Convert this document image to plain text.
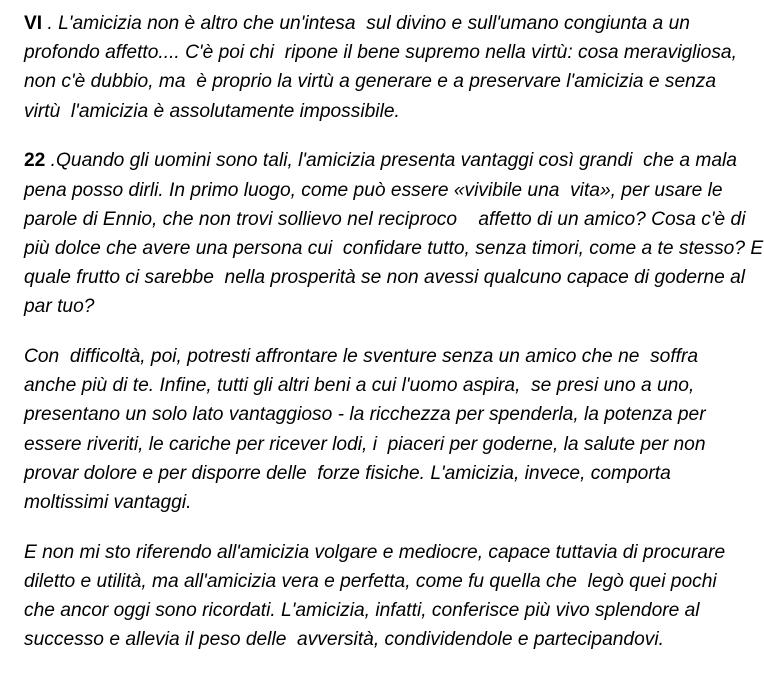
VI . L'amicizia non è altro che un'intesa  sul divino e sull'umano congiunta a un
profondo affetto.... C'è poi chi  ripone il bene supremo nella virtù: cosa meravigliosa,
non c'è dubbio, ma  è proprio la virtù a generare e a preservare l'amicizia e senza
virtù  l'amicizia è assolutamente impossibile.

22 .Quando gli uomini sono tali, l'amicizia presenta vantaggi così grandi  che a mala
pena posso dirli. In primo luogo, come può essere «vivibile una  vita», per usare le
parole di Ennio, che non trovi sollievo nel reciproco    affetto di un amico? Cosa c'è di
più dolce che avere una persona cui  confidare tutto, senza timori, come a te stesso? E
quale frutto ci sarebbe  nella prosperità se non avessi qualcuno capace di goderne al
par tuo?

Con  difficoltà, poi, potresti affrontare le sventure senza un amico che ne  soffra
anche più di te. Infine, tutti gli altri beni a cui l'uomo aspira,  se presi uno a uno,
presentano un solo lato vantaggioso - la ricchezza per spenderla, la potenza per
essere riveriti, le cariche per ricever lodi, i  piaceri per goderne, la salute per non
provar dolore e per disporre delle  forze fisiche. L'amicizia, invece, comporta
moltissimi vantaggi.

E non mi sto riferendo all'amicizia volgare e mediocre, capace tuttavia di procurare
diletto e utilità, ma all'amicizia vera e perfetta, come fu quella che  legò quei pochi
che ancor oggi sono ricordati. L'amicizia, infatti, conferisce più vivo splendore al
successo e allevia il peso delle  avversità, condividendole e partecipandovi.
